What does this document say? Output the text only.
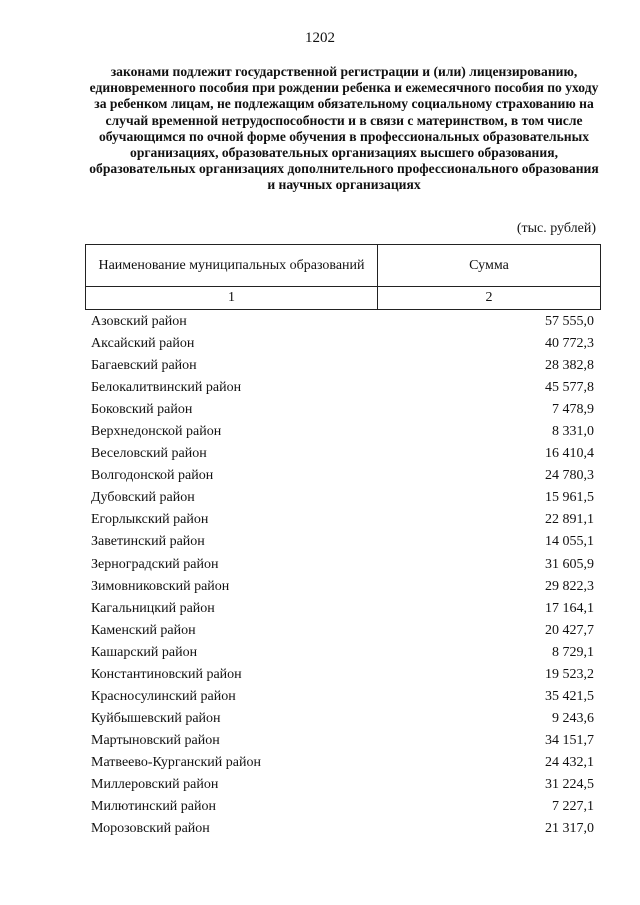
1202
законами подлежит государственной регистрации и (или) лицензированию, единовременного пособия при рождении ребенка и ежемесячного пособия по уходу за ребенком лицам, не подлежащим обязательному социальному страхованию на случай временной нетрудоспособности и в связи с материнством, в том числе обучающимся по очной форме обучения в профессиональных образовательных организациях, образовательных организациях высшего образования, образовательных организациях дополнительного профессионального образования и научных организациях
(тыс. рублей)
Наименование муниципальных образований	Сумма
1	2
Азовский район	57 555,0
Аксайский район	40 772,3
Багаевский район	28 382,8
Белокалитвинский район	45 577,8
Боковский район	7 478,9
Верхнедонской район	8 331,0
Веселовский район	16 410,4
Волгодонской район	24 780,3
Дубовский район	15 961,5
Егорлыкский район	22 891,1
Заветинский район	14 055,1
Зерноградский район	31 605,9
Зимовниковский район	29 822,3
Кагальницкий район	17 164,1
Каменский район	20 427,7
Кашарский район	8 729,1
Константиновский район	19 523,2
Красносулинский район	35 421,5
Куйбышевский район	9 243,6
Мартыновский район	34 151,7
Матвеево-Курганский район	24 432,1
Миллеровский район	31 224,5
Милютинский район	7 227,1
Морозовский район	21 317,0
